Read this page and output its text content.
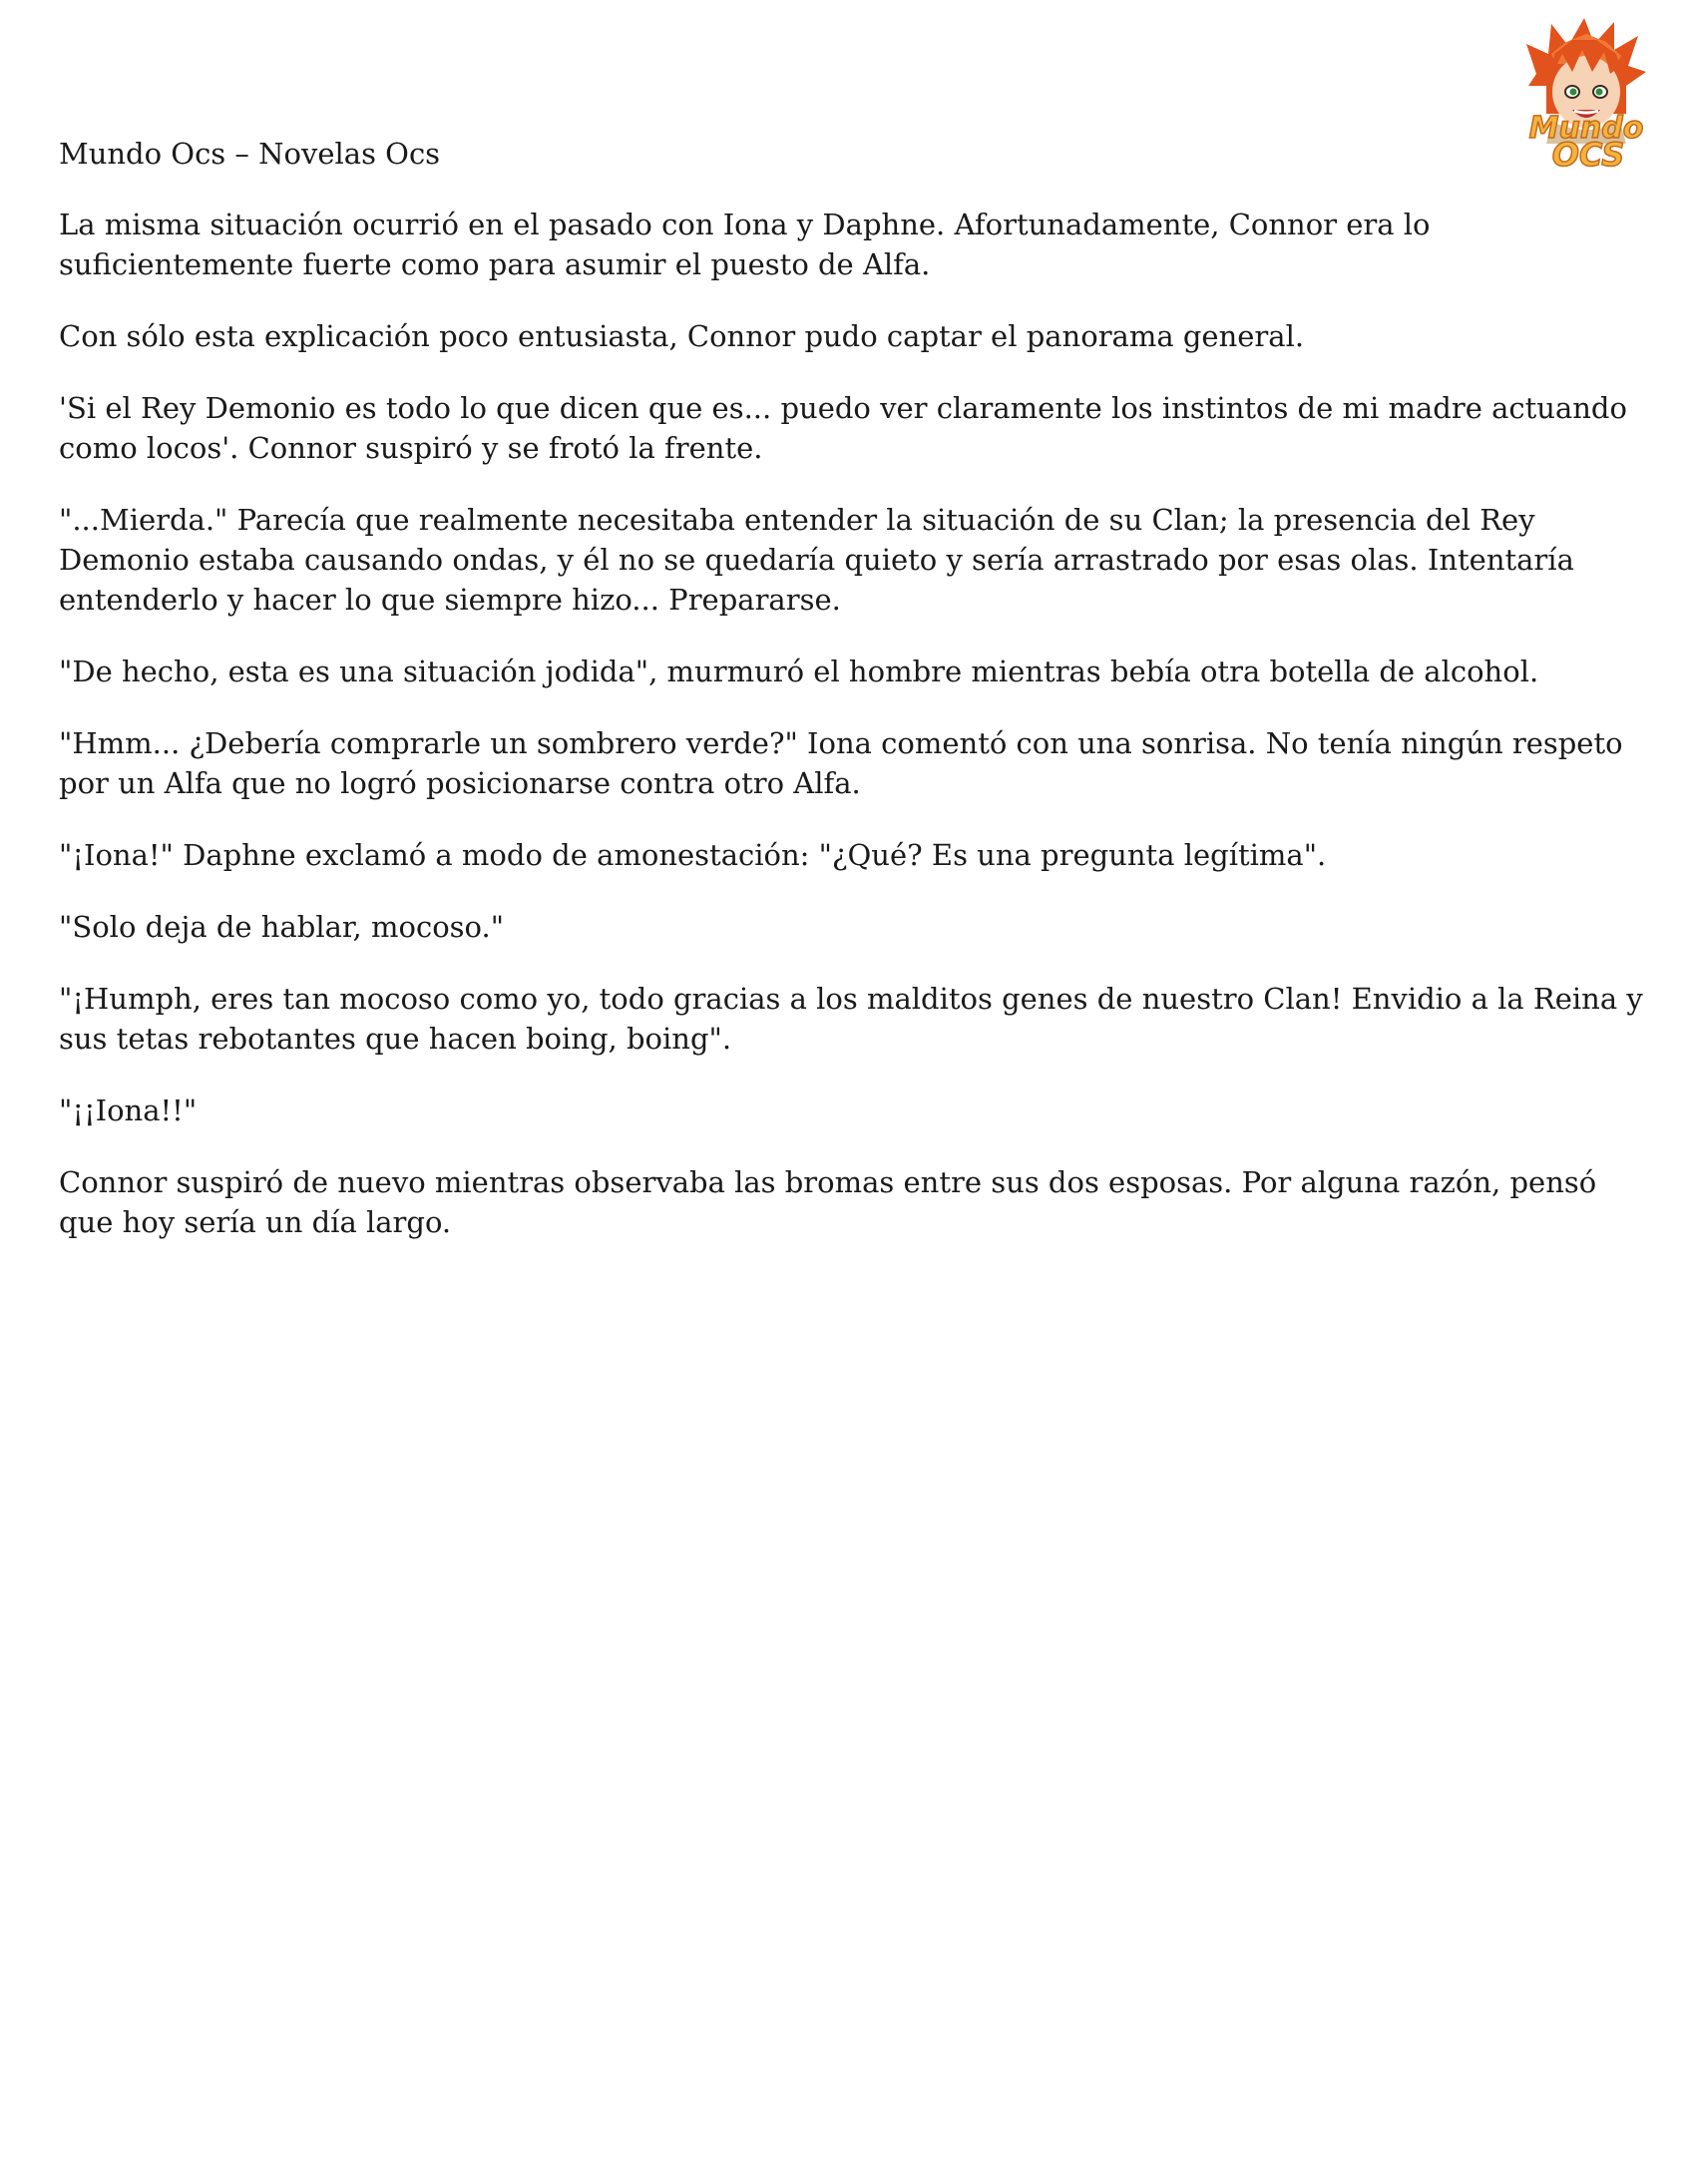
Mundo
OCS

Mundo Ocs – Novelas Ocs

La misma situación ocurrió en el pasado con Iona y Daphne. Afortunadamente, Connor era lo suficientemente fuerte como para asumir el puesto de Alfa.

Con sólo esta explicación poco entusiasta, Connor pudo captar el panorama general.

'Si el Rey Demonio es todo lo que dicen que es... puedo ver claramente los instintos de mi madre actuando como locos'. Connor suspiró y se frotó la frente.

"...Mierda." Parecía que realmente necesitaba entender la situación de su Clan; la presencia del Rey Demonio estaba causando ondas, y él no se quedaría quieto y sería arrastrado por esas olas. Intentaría entenderlo y hacer lo que siempre hizo... Prepararse.

"De hecho, esta es una situación jodida", murmuró el hombre mientras bebía otra botella de alcohol.

"Hmm... ¿Debería comprarle un sombrero verde?" Iona comentó con una sonrisa. No tenía ningún respeto por un Alfa que no logró posicionarse contra otro Alfa.

"¡Iona!" Daphne exclamó a modo de amonestación: "¿Qué? Es una pregunta legítima".

"Solo deja de hablar, mocoso."

"¡Humph, eres tan mocoso como yo, todo gracias a los malditos genes de nuestro Clan! Envidio a la Reina y sus tetas rebotantes que hacen boing, boing".

"¡¡Iona!!"

Connor suspiró de nuevo mientras observaba las bromas entre sus dos esposas. Por alguna razón, pensó que hoy sería un día largo.
